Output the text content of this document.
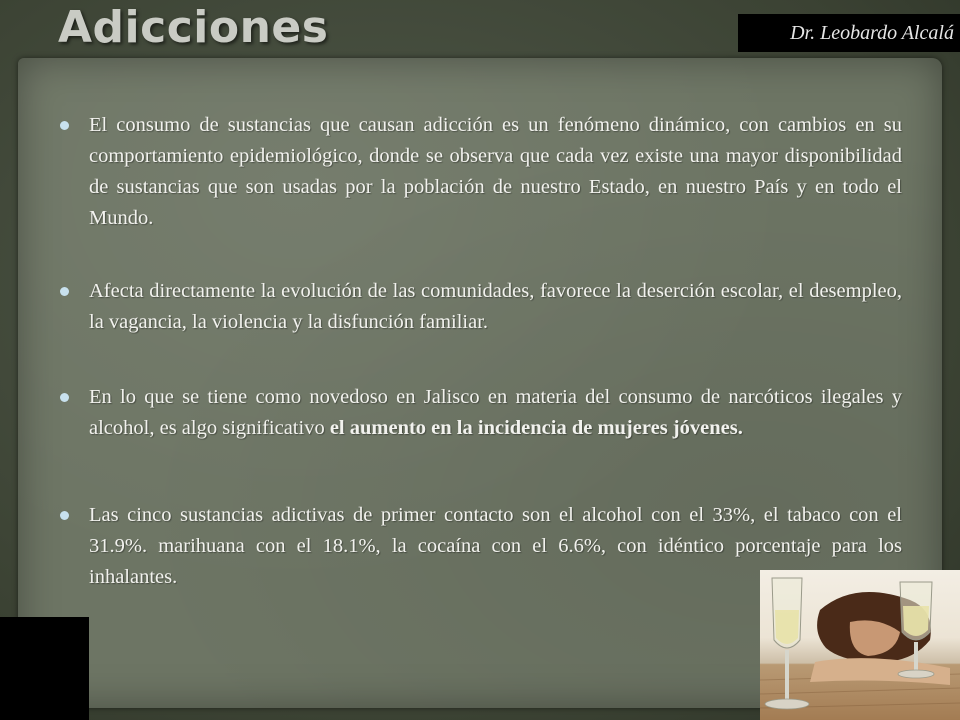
Adicciones	Dr. Leobardo Alcalá
El consumo de sustancias que causan adicción es un fenómeno dinámico, con cambios en su comportamiento epidemiológico, donde se observa que cada vez existe una mayor disponibilidad de sustancias que son usadas por la población de nuestro Estado, en nuestro País y en todo el Mundo.
Afecta directamente la evolución de las comunidades, favorece la deserción escolar, el desempleo, la vagancia, la violencia y la disfunción familiar.
En lo que se tiene como novedoso en Jalisco en materia del consumo de narcóticos ilegales y alcohol, es algo significativo el aumento en la incidencia de mujeres jóvenes.
Las cinco sustancias adictivas de primer contacto son el alcohol con el 33%, el tabaco con el 31.9%. marihuana con el 18.1%, la cocaína con el 6.6%, con idéntico porcentaje para los inhalantes.
